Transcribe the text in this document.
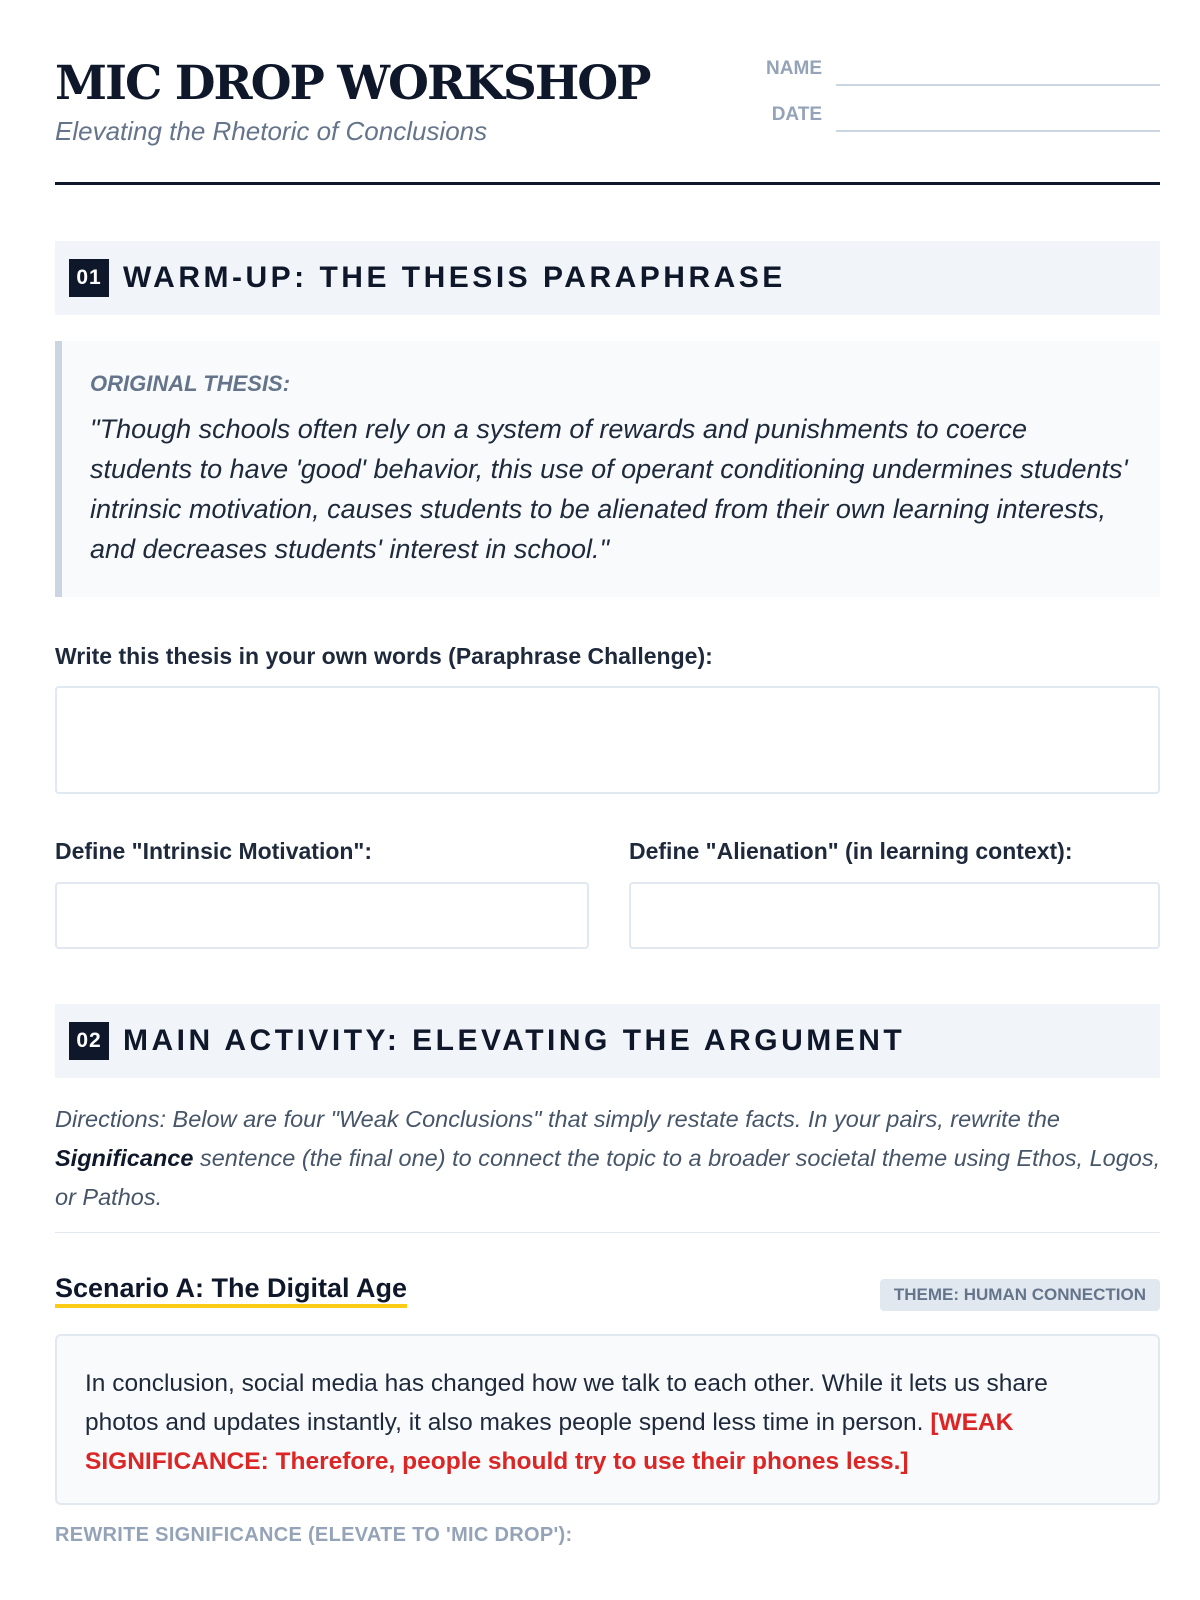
MIC DROP WORKSHOP

Elevating the Rhetoric of Conclusions

NAME
DATE
01 WARM-UP: THE THESIS PARAPHRASE
ORIGINAL THESIS:

"Though schools often rely on a system of rewards and punishments to coerce students to have 'good' behavior, this use of operant conditioning undermines students' intrinsic motivation, causes students to be alienated from their own learning interests, and decreases students' interest in school."

Write this thesis in your own words (Paraphrase Challenge):
Define "Intrinsic Motivation":	Define "Alienation" (in learning context):
02 MAIN ACTIVITY: ELEVATING THE ARGUMENT

Directions: Below are four "Weak Conclusions" that simply restate facts. In your pairs, rewrite the Significance sentence (the final one) to connect the topic to a broader societal theme using Ethos, Logos, or Pathos.

Scenario A: The Digital Age	THEME: HUMAN CONNECTION

In conclusion, social media has changed how we talk to each other. While it lets us share photos and updates instantly, it also makes people spend less time in person. [WEAK SIGNIFICANCE: Therefore, people should try to use their phones less.]

REWRITE SIGNIFICANCE (ELEVATE TO 'MIC DROP'):
